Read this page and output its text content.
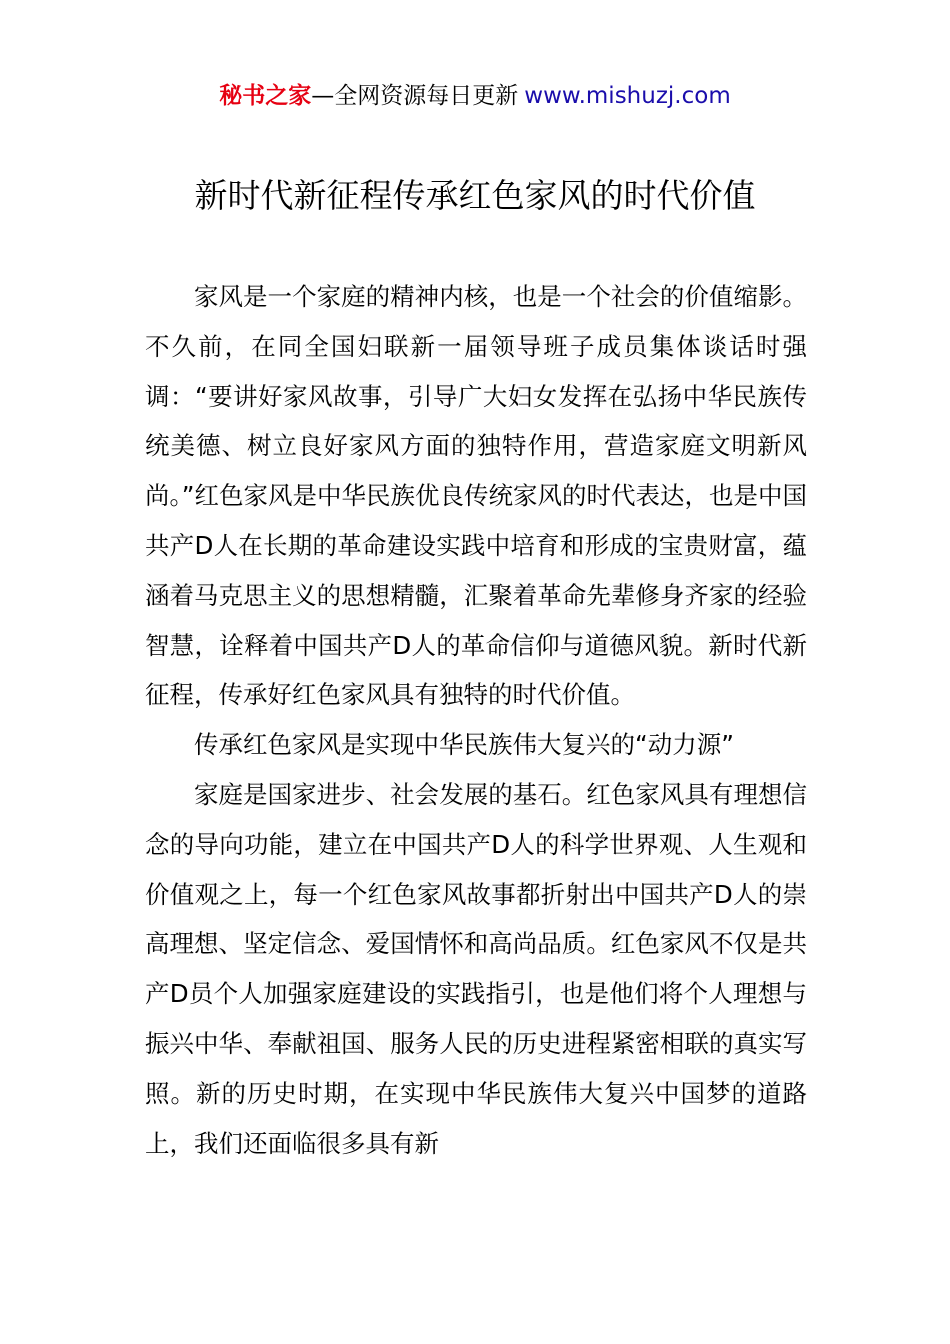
秘书之家—全网资源每日更新 www.mishuzj.com
新时代新征程传承红色家风的时代价值

家风是一个家庭的精神内核，也是一个社会的价值缩影。不久前，在同全国妇联新一届领导班子成员集体谈话时强调：“要讲好家风故事，引导广大妇女发挥在弘扬中华民族传统美德、树立良好家风方面的独特作用，营造家庭文明新风尚。”红色家风是中华民族优良传统家风的时代表达，也是中国共产D人在长期的革命建设实践中培育和形成的宝贵财富，蕴涵着马克思主义的思想精髓，汇聚着革命先辈修身齐家的经验智慧，诠释着中国共产D人的革命信仰与道德风貌。新时代新征程，传承好红色家风具有独特的时代价值。

传承红色家风是实现中华民族伟大复兴的“动力源”

家庭是国家进步、社会发展的基石。红色家风具有理想信念的导向功能，建立在中国共产D人的科学世界观、人生观和价值观之上，每一个红色家风故事都折射出中国共产D人的崇高理想、坚定信念、爱国情怀和高尚品质。红色家风不仅是共产D员个人加强家庭建设的实践指引，也是他们将个人理想与振兴中华、奉献祖国、服务人民的历史进程紧密相联的真实写照。新的历史时期，在实现中华民族伟大复兴中国梦的道路上，我们还面临很多具有新
